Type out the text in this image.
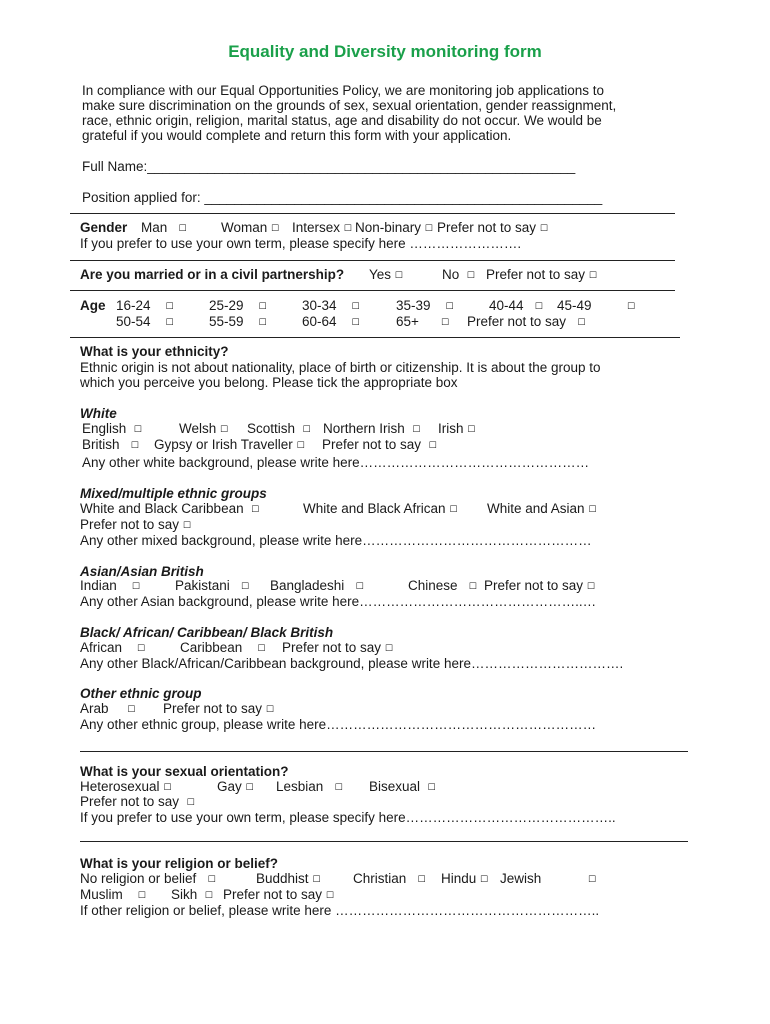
Equality and Diversity monitoring form
In compliance with our Equal Opportunities Policy, we are monitoring job applications to
make sure discrimination on the grounds of sex, sexual orientation, gender reassignment,
race, ethnic origin, religion, marital status, age and disability do not occur. We would be
grateful if you would complete and return this form with your application.
Full Name:_________________________________________________________
Position applied for: _____________________________________________________
Gender Man ☐	Woman ☐ Intersex ☐ Non-binary ☐ Prefer not to say ☐
If you prefer to use your own term, please specify here …………………….
Are you married or in a civil partnership? Yes ☐	No ☐ Prefer not to say ☐
Age 16-24 ☐	25-29 ☐	30-34 ☐	35-39 ☐	40-44 ☐ 45-49	☐
50-54 ☐	55-59 ☐	60-64 ☐	65+ ☐ Prefer not to say ☐
What is your ethnicity?
Ethnic origin is not about nationality, place of birth or citizenship. It is about the group to
which you perceive you belong. Please tick the appropriate box
White
English ☐	Welsh ☐ Scottish ☐ Northern Irish ☐ Irish ☐
British ☐ Gypsy or Irish Traveller ☐ Prefer not to say ☐
Any other white background, please write here……………………………………………
Mixed/multiple ethnic groups
White and Black Caribbean ☐	White and Black African ☐ White and Asian ☐
Prefer not to say ☐
Any other mixed background, please write here……………………………………………
Asian/Asian British
Indian ☐	Pakistani ☐ Bangladeshi ☐	Chinese ☐ Prefer not to say ☐
Any other Asian background, please write here…………………………………………..…
Black/ African/ Caribbean/ Black British
African ☐	Caribbean ☐ Prefer not to say ☐
Any other Black/African/Caribbean background, please write here…………………………….
Other ethnic group
Arab ☐ Prefer not to say ☐
Any other ethnic group, please write here……………………………………………………
What is your sexual orientation?
Heterosexual ☐	Gay ☐ Lesbian ☐ Bisexual ☐
Prefer not to say ☐
If you prefer to use your own term, please specify here………………………………………..
What is your religion or belief?
No religion or belief ☐	Buddhist ☐ Christian ☐ Hindu ☐ Jewish	☐
Muslim ☐ Sikh ☐ Prefer not to say ☐
If other religion or belief, please write here …………………………………………………..
